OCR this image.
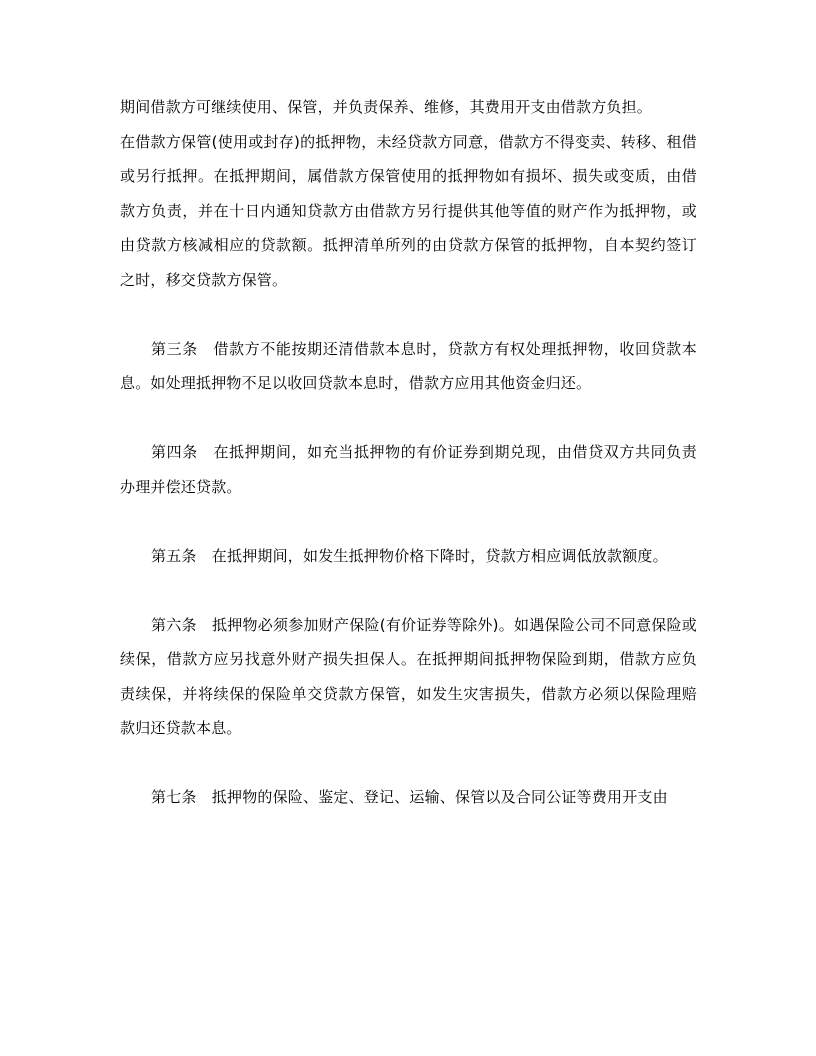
期间借款方可继续使用、保管，并负责保养、维修，其费用开支由借款方负担。

在借款方保管(使用或封存)的抵押物，未经贷款方同意，借款方不得变卖、转移、租借或另行抵押。在抵押期间，属借款方保管使用的抵押物如有损坏、损失或变质，由借款方负责，并在十日内通知贷款方由借款方另行提供其他等值的财产作为抵押物，或由贷款方核减相应的贷款额。抵押清单所列的由贷款方保管的抵押物，自本契约签订之时，移交贷款方保管。

第三条　借款方不能按期还清借款本息时，贷款方有权处理抵押物，收回贷款本息。如处理抵押物不足以收回贷款本息时，借款方应用其他资金归还。

第四条　在抵押期间，如充当抵押物的有价证券到期兑现，由借贷双方共同负责办理并偿还贷款。

第五条　在抵押期间，如发生抵押物价格下降时，贷款方相应调低放款额度。

第六条　抵押物必须参加财产保险(有价证券等除外)。如遇保险公司不同意保险或续保，借款方应另找意外财产损失担保人。在抵押期间抵押物保险到期，借款方应负责续保，并将续保的保险单交贷款方保管，如发生灾害损失，借款方必须以保险理赔款归还贷款本息。

第七条　抵押物的保险、鉴定、登记、运输、保管以及合同公证等费用开支由
